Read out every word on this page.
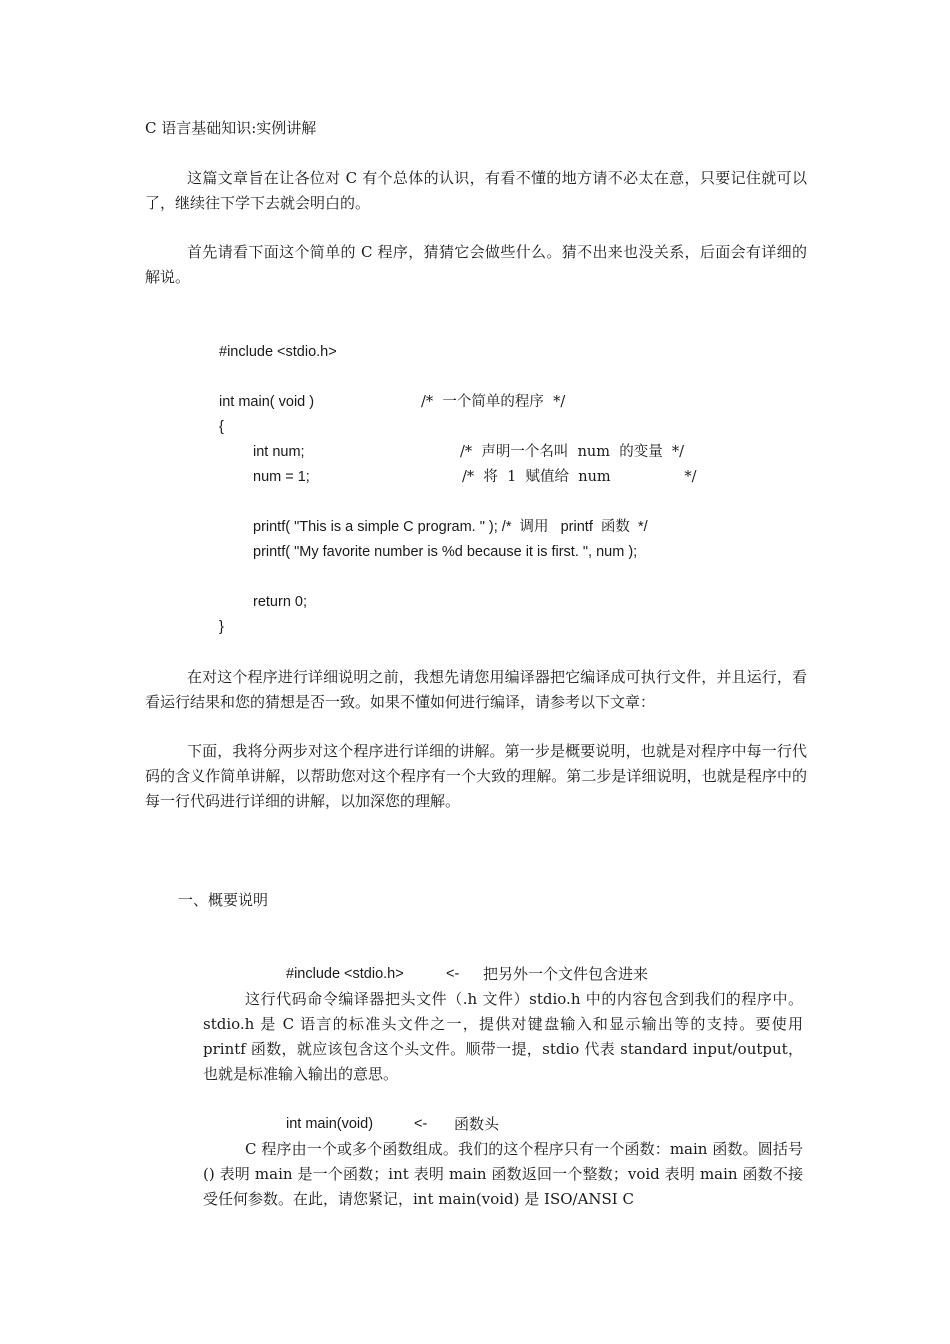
C 语言基础知识:实例讲解
这篇文章旨在让各位对 C 有个总体的认识，有看不懂的地方请不必太在意，只要记住就可以了，继续往下学下去就会明白的。
首先请看下面这个简单的 C 程序，猜猜它会做些什么。猜不出来也没关系，后面会有详细的解说。
#include <stdio.h>
int main( void )	/*  一个简单的程序  */
{
int num;	/*  声明一个名叫  num  的变量  */
num = 1;	/*  将  1  赋值给  num                */
printf( "This is a simple C program. " ); /*  调用   printf  函数  */
printf( "My favorite number is %d because it is first. ", num );
return 0;
}
在对这个程序进行详细说明之前，我想先请您用编译器把它编译成可执行文件，并且运行，看看运行结果和您的猜想是否一致。如果不懂如何进行编译，请参考以下文章：
下面，我将分两步对这个程序进行详细的讲解。第一步是概要说明，也就是对程序中每一行代码的含义作简单讲解，以帮助您对这个程序有一个大致的理解。第二步是详细说明，也就是程序中的每一行代码进行详细的讲解，以加深您的理解。
一、概要说明
#include <stdio.h>	<- 把另外一个文件包含进来
这行代码命令编译器把头文件（.h 文件）stdio.h 中的内容包含到我们的程序中。stdio.h 是 C 语言的标准头文件之一，提供对键盘输入和显示输出等的支持。要使用 printf 函数，就应该包含这个头文件。顺带一提，stdio 代表 standard input/output，也就是标准输入输出的意思。
int main(void)	<- 函数头
C 程序由一个或多个函数组成。我们的这个程序只有一个函数：main 函数。圆括号 () 表明 main 是一个函数；int 表明 main 函数返回一个整数；void 表明 main 函数不接受任何参数。在此，请您紧记，int main(void) 是 ISO/ANSI C
